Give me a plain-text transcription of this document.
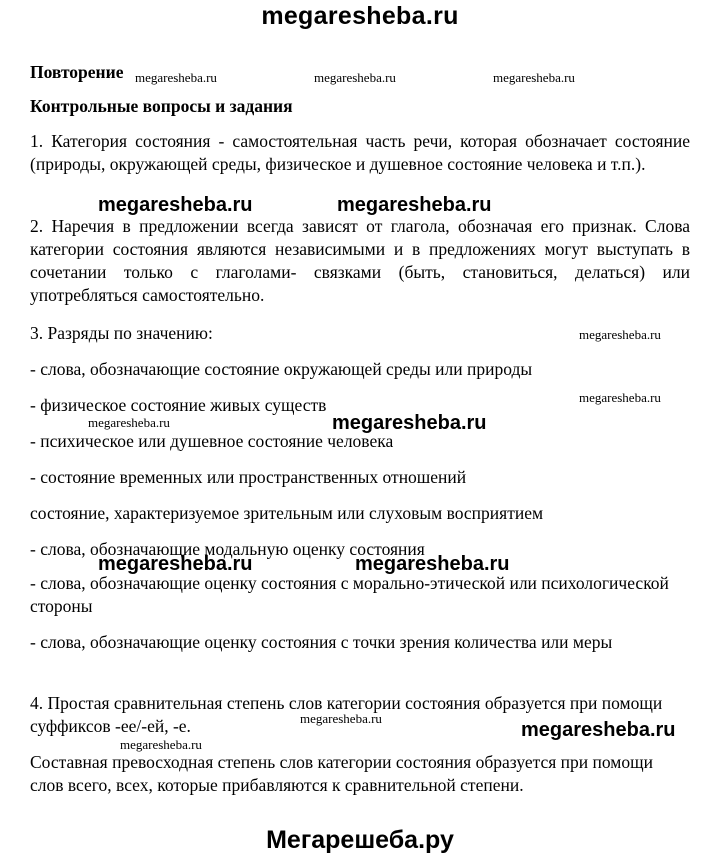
megaresheba.ru
Повторение
Контрольные вопросы и задания
1. Категория состояния - самостоятельная часть речи, которая обозначает состояние (природы, окружающей среды, физическое и душевное состояние человека и т.п.).
2. Наречия в предложении всегда зависят от глагола, обозначая его признак. Слова категории состояния являются независимыми и в предложениях могут выступать в сочетании только с глаголами- связками (быть, становиться, делаться) или употребляться самостоятельно.
3. Разряды по значению:
- слова, обозначающие состояние окружающей среды или природы
- физическое состояние живых существ
- психическое или душевное состояние человека
- состояние временных или пространственных отношений
состояние, характеризуемое зрительным или слуховым восприятием
- слова, обозначающие модальную оценку состояния
- слова, обозначающие оценку состояния с морально-этической или психологической стороны
- слова, обозначающие оценку состояния с точки зрения количества или меры
4. Простая сравнительная степень слов категории состояния образуется при помощи суффиксов -ее/-ей, -е.
Составная превосходная степень слов категории состояния образуется при помощи слов всего, всех, которые прибавляются к сравнительной степени.
megaresheba.ru	megaresheba.ru	megaresheba.ru
megaresheba.ru
megaresheba.ru
megaresheba.ru
megaresheba.ru
megaresheba.ru
megaresheba.ru	megaresheba.ru
megaresheba.ru
megaresheba.ru	megaresheba.ru
megaresheba.ru
Мегарешеба.ру
